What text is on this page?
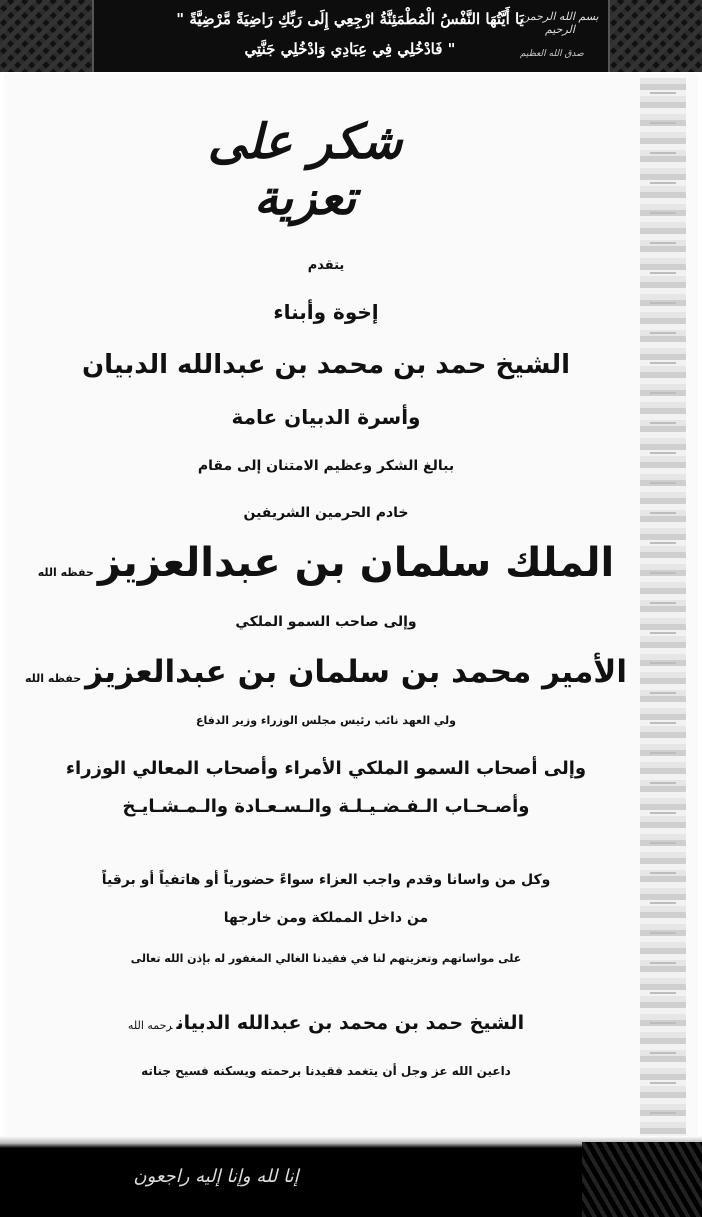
بسم الله الرحمن الرحيم
" يَا أَيَّتُهَا النَّفْسُ الْمُطْمَئِنَّةُ ارْجِعِي إِلَى رَبِّكِ رَاضِيَةً مَّرْضِيَّةً
فَادْخُلِي فِي عِبَادِي وَادْخُلِي جَنَّتِي "	صدق الله العظيم
شكر على تعزية
يتقدم
إخوة وأبناء
الشيخ حمد بن محمد بن عبدالله الدبيان
وأسرة الدبيان عامة
ببالغ الشكر وعظيم الامتنان إلى مقام
خادم الحرمين الشريفين
الملك سلمان بن عبدالعزيزحفظه الله
وإلى صاحب السمو الملكي
الأمير محمد بن سلمان بن عبدالعزيزحفظه الله
ولي العهد نائب رئيس مجلس الوزراء وزير الدفاع
وإلى أصحاب السمو الملكي الأمراء وأصحاب المعالي الوزراء
وأصـحـاب الـفـضـيـلـة والـسـعـادة والـمـشـايـخ
وكل من واسانا وقدم واجب العزاء سواءً حضورياً أو هاتفياً أو برقياً
من داخل المملكة ومن خارجها
على مواساتهم وتعزيتهم لنا في فقيدنا الغالي المغفور له بإذن الله تعالى
الشيخ حمد بن محمد بن عبدالله الدبيانرحمه الله
داعين الله عز وجل أن يتغمد فقيدنا برحمته ويسكنه فسيح جناته
إنا لله وإنا إليه راجعون
